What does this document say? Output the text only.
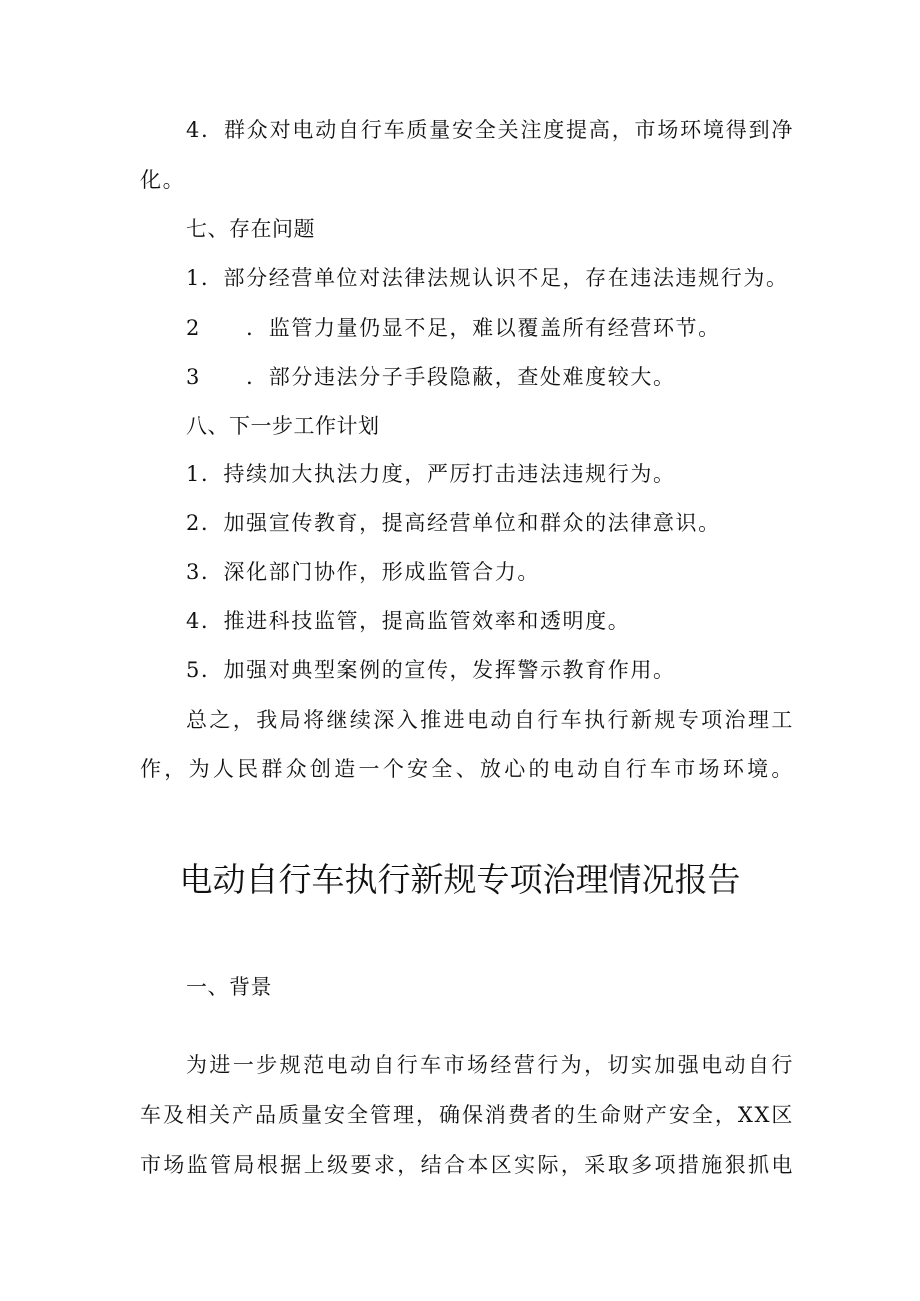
4．群众对电动自行车质量安全关注度提高，市场环境得到净
化。
七、存在问题
1．部分经营单位对法律法规认识不足，存在违法违规行为。
2　　．监管力量仍显不足，难以覆盖所有经营环节。
3　　．部分违法分子手段隐蔽，查处难度较大。
八、下一步工作计划
1．持续加大执法力度，严厉打击违法违规行为。
2．加强宣传教育，提高经营单位和群众的法律意识。
3．深化部门协作，形成监管合力。
4．推进科技监管，提高监管效率和透明度。
5．加强对典型案例的宣传，发挥警示教育作用。
总之，我局将继续深入推进电动自行车执行新规专项治理工
作，为人民群众创造一个安全、放心的电动自行车市场环境。
电动自行车执行新规专项治理情况报告
一、背景
为进一步规范电动自行车市场经营行为，切实加强电动自行
车及相关产品质量安全管理，确保消费者的生命财产安全，XX区
市场监管局根据上级要求，结合本区实际，采取多项措施狠抓电
